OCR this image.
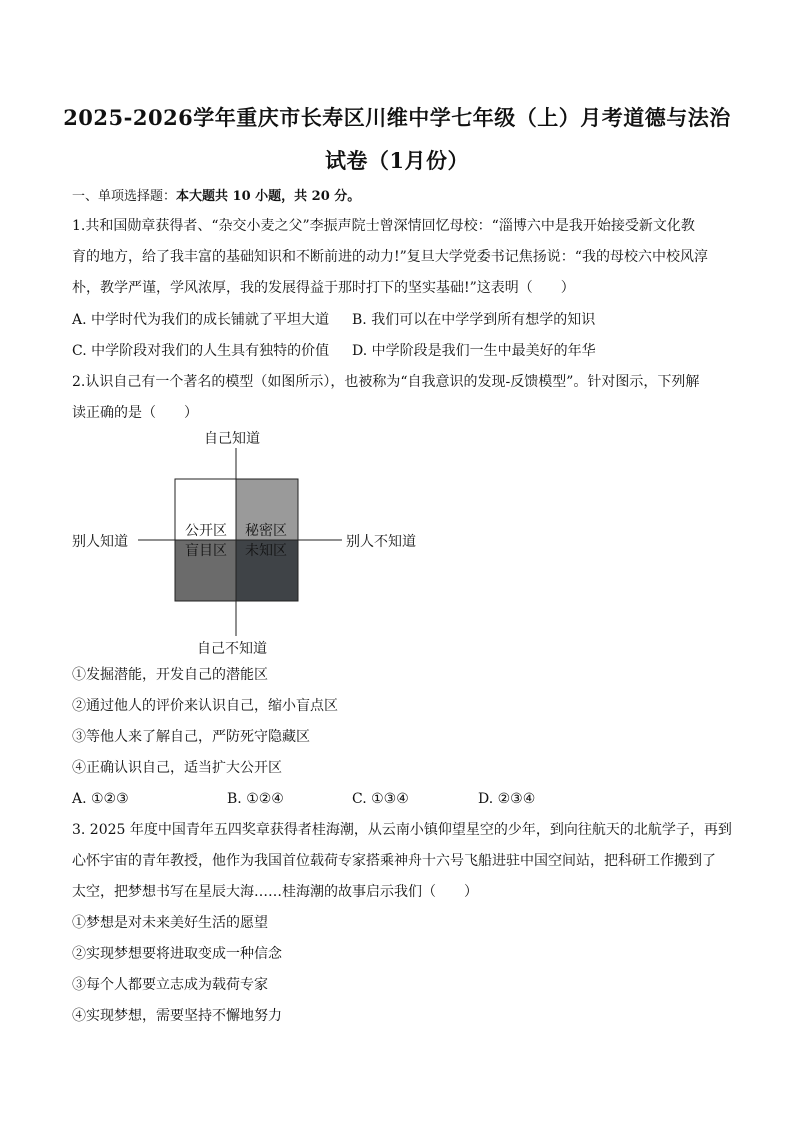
2025-2026学年重庆市长寿区川维中学七年级（上）月考道德与法治
试卷（1月份）
一、单项选择题：本大题共 10 小题，共 20 分。
1.共和国勋章获得者、“杂交小麦之父”李振声院士曾深情回忆母校：“淄博六中是我开始接受新文化教
育的地方，给了我丰富的基础知识和不断前进的动力!”复旦大学党委书记焦扬说：“我的母校六中校风淳
朴，教学严谨，学风浓厚，我的发展得益于那时打下的坚实基础!”这表明（　　）
A. 中学时代为我们的成长铺就了平坦大道 B. 我们可以在中学学到所有想学的知识
C. 中学阶段对我们的人生具有独特的价值 D. 中学阶段是我们一生中最美好的年华
2.认识自己有一个著名的模型（如图所示），也被称为“自我意识的发现-反馈模型”。针对图示，下列解
读正确的是（　　）
自己知道
自己不知道
别人知道	别人不知道
公开区 秘密区
盲目区 未知区
①发掘潜能，开发自己的潜能区
②通过他人的评价来认识自己，缩小盲点区
③等他人来了解自己，严防死守隐藏区
④正确认识自己，适当扩大公开区
A. ①②③	B. ①②④	C. ①③④	D. ②③④
3. 2025 年度中国青年五四奖章获得者桂海潮，从云南小镇仰望星空的少年，到向往航天的北航学子，再到
心怀宇宙的青年教授，他作为我国首位载荷专家搭乘神舟十六号飞船进驻中国空间站，把科研工作搬到了
太空，把梦想书写在星辰大海……桂海潮的故事启示我们（　　）
①梦想是对未来美好生活的愿望
②实现梦想要将进取变成一种信念
③每个人都要立志成为载荷专家
④实现梦想，需要坚持不懈地努力
